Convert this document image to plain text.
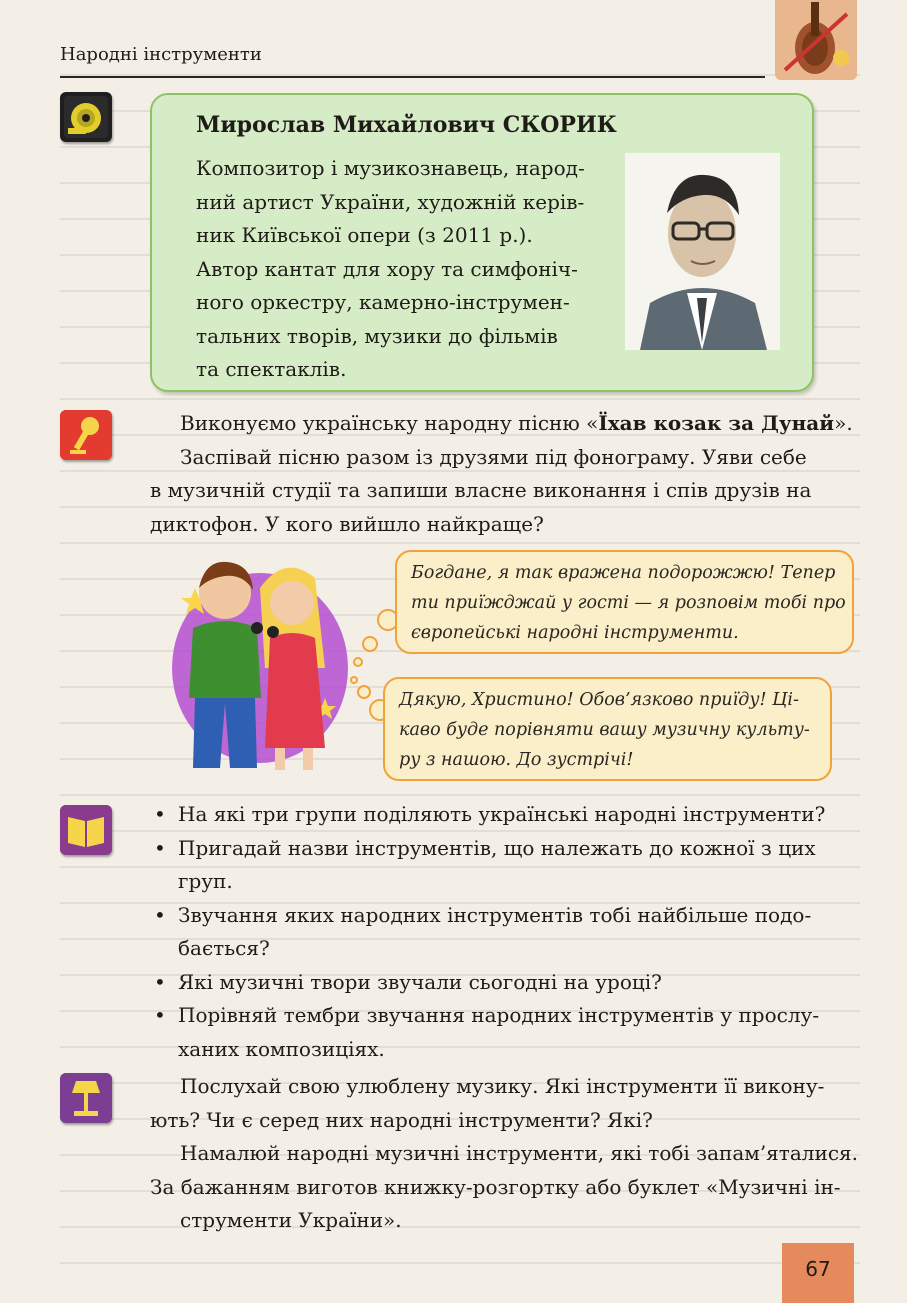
Народні інструменти
Мирослав Михайлович СКОРИК
Композитор і музикознавець, народ-
ний артист України, художній керів-
ник Київської опери (з 2011 р.).
Автор кантат для хору та симфоніч-
ного оркестру, камерно-інструмен-
тальних творів, музики до фільмів
та спектаклів.
Виконуємо українську народну пісню «Їхав козак за Дунай».
Заспівай пісню разом із друзями під фонограму. Уяви себе
в музичній студії та запиши власне виконання і спів друзів на
диктофон. У кого вийшло найкраще?
Богдане, я так вражена подорожжю! Тепер
ти приїжджай у гості — я розповім тобі про
європейські народні інструменти.
Дякую, Христино! Обов’язково приїду! Ці-
каво буде порівняти вашу музичну культу-
ру з нашою. До зустрічі!
• На які три групи поділяють українські народні інструменти?
• Пригадай назви інструментів, що належать до кожної з цих
груп.
• Звучання яких народних інструментів тобі найбільше подо-
бається?
• Які музичні твори звучали сьогодні на уроці?
• Порівняй тембри звучання народних інструментів у прослу-
ханих композиціях.
Послухай свою улюблену музику. Які інструменти її викону-
ють? Чи є серед них народні інструменти? Які?
Намалюй народні музичні інструменти, які тобі запам’яталися.
За бажанням виготов книжку-розгортку або буклет «Музичні ін-
струменти України».
67
